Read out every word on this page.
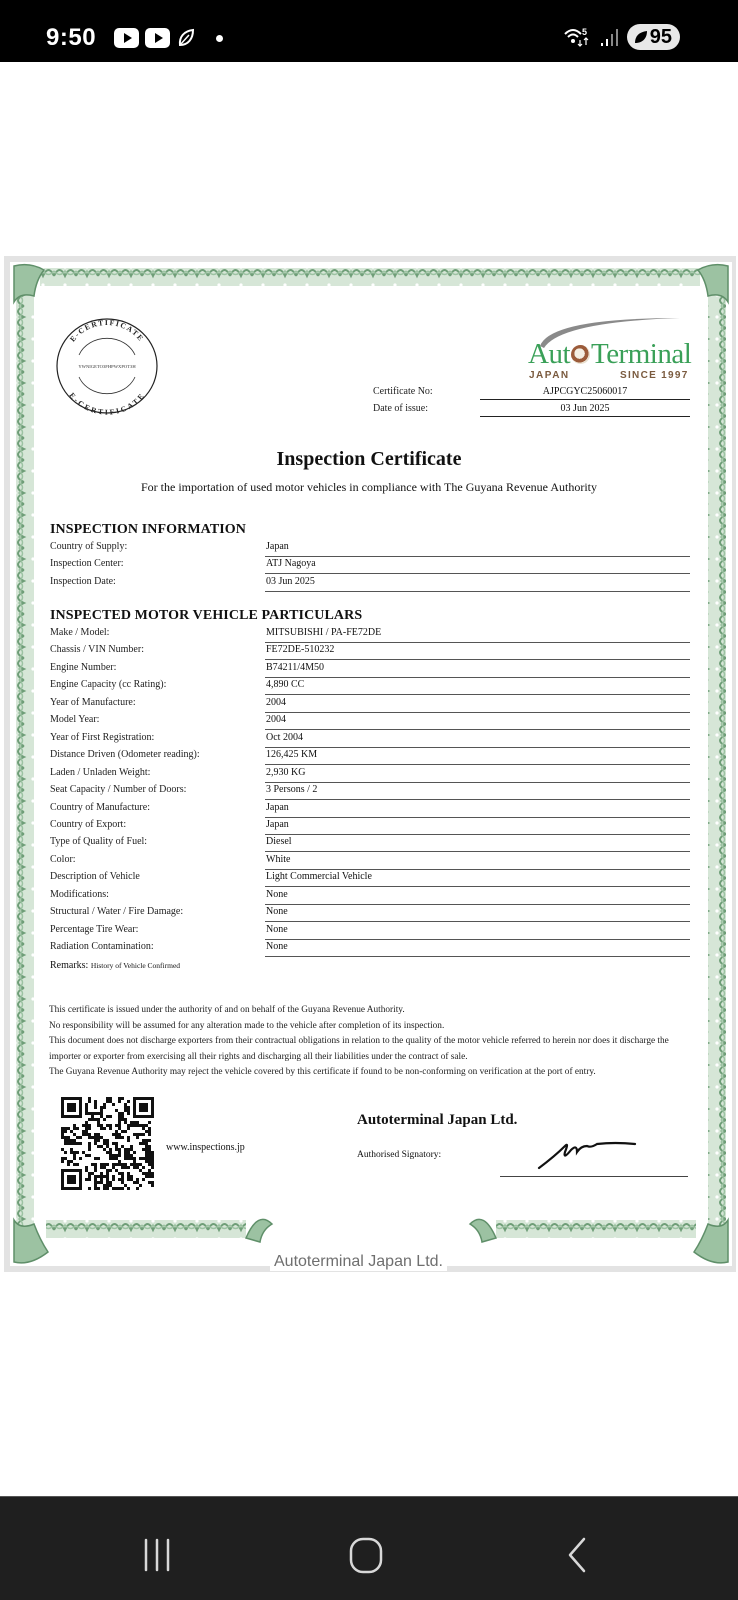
9:50	5	95
E-CERTIFICATE
YWNIGETO3FHPWXPOT3H
E-CERTIFICATE
Aut Terminal
JAPAN	SINCE 1997
Certificate No:	AJPCGYC25060017
Date of issue:	03 Jun 2025
Inspection Certificate
For the importation of used motor vehicles in compliance with The Guyana Revenue Authority
INSPECTION INFORMATION
Country of Supply:	Japan
Inspection Center:	ATJ Nagoya
Inspection Date:	03 Jun 2025
INSPECTED MOTOR VEHICLE PARTICULARS
Make / Model:	MITSUBISHI / PA-FE72DE
Chassis / VIN Number:	FE72DE-510232
Engine Number:	B74211/4M50
Engine Capacity (cc Rating):	4,890 CC
Year of Manufacture:	2004
Model Year:	2004
Year of First Registration:	Oct 2004
Distance Driven (Odometer reading):	126,425 KM
Laden / Unladen Weight:	2,930 KG
Seat Capacity / Number of Doors:	3 Persons / 2
Country of Manufacture:	Japan
Country of Export:	Japan
Type of Quality of Fuel:	Diesel
Color:	White
Description of Vehicle	Light Commercial Vehicle
Modifications:	None
Structural / Water / Fire Damage:	None
Percentage Tire Wear:	None
Radiation Contamination:	None
Remarks: History of Vehicle Confirmed
This certificate is issued under the authority of and on behalf of the Guyana Revenue Authority.
No responsibility will be assumed for any alteration made to the vehicle after completion of its inspection.
This document does not discharge exporters from their contractual obligations in relation to the quality of the motor vehicle referred to herein nor does it discharge the importer or exporter from exercising all their rights and discharging all their liabilities under the contract of sale.
The Guyana Revenue Authority may reject the vehicle covered by this certificate if found to be non-conforming on verification at the port of entry.
www.inspections.jp
Autoterminal Japan Ltd.
Authorised Signatory:
Autoterminal Japan Ltd.
